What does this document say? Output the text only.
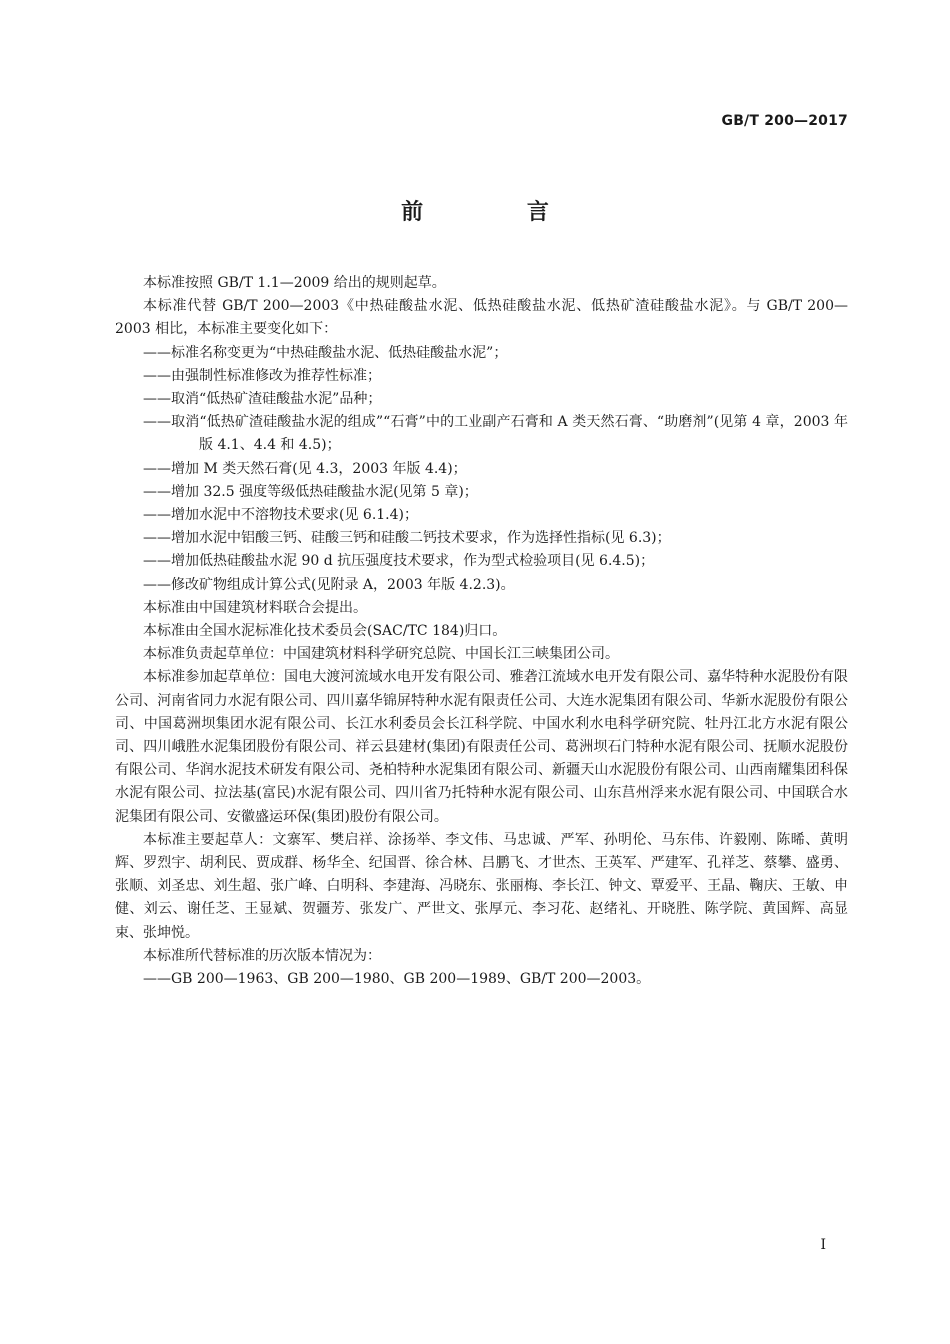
GB/T 200—2017
前 言

本标准按照 GB/T 1.1—2009 给出的规则起草。

本标准代替 GB/T 200—2003《中热硅酸盐水泥、低热硅酸盐水泥、低热矿渣硅酸盐水泥》。与 GB/T 200—2003 相比，本标准主要变化如下：

——标准名称变更为“中热硅酸盐水泥、低热硅酸盐水泥”；

——由强制性标准修改为推荐性标准；

——取消“低热矿渣硅酸盐水泥”品种；

——取消“低热矿渣硅酸盐水泥的组成”“石膏”中的工业副产石膏和 A 类天然石膏、“助磨剂”(见第 4 章，2003 年版 4.1、4.4 和 4.5)；

——增加 M 类天然石膏(见 4.3，2003 年版 4.4)；

——增加 32.5 强度等级低热硅酸盐水泥(见第 5 章)；

——增加水泥中不溶物技术要求(见 6.1.4)；

——增加水泥中铝酸三钙、硅酸三钙和硅酸二钙技术要求，作为选择性指标(见 6.3)；

——增加低热硅酸盐水泥 90 d 抗压强度技术要求，作为型式检验项目(见 6.4.5)；

——修改矿物组成计算公式(见附录 A，2003 年版 4.2.3)。

本标准由中国建筑材料联合会提出。

本标准由全国水泥标准化技术委员会(SAC/TC 184)归口。

本标准负责起草单位：中国建筑材料科学研究总院、中国长江三峡集团公司。

本标准参加起草单位：国电大渡河流域水电开发有限公司、雅砻江流域水电开发有限公司、嘉华特种水泥股份有限公司、河南省同力水泥有限公司、四川嘉华锦屏特种水泥有限责任公司、大连水泥集团有限公司、华新水泥股份有限公司、中国葛洲坝集团水泥有限公司、长江水利委员会长江科学院、中国水利水电科学研究院、牡丹江北方水泥有限公司、四川峨胜水泥集团股份有限公司、祥云县建材(集团)有限责任公司、葛洲坝石门特种水泥有限公司、抚顺水泥股份有限公司、华润水泥技术研发有限公司、尧柏特种水泥集团有限公司、新疆天山水泥股份有限公司、山西南耀集团科保水泥有限公司、拉法基(富民)水泥有限公司、四川省乃托特种水泥有限公司、山东莒州浮来水泥有限公司、中国联合水泥集团有限公司、安徽盛运环保(集团)股份有限公司。

本标准主要起草人：文寨军、樊启祥、涂扬举、李文伟、马忠诚、严军、孙明伦、马东伟、许毅刚、陈晞、黄明辉、罗烈宇、胡利民、贾成群、杨华全、纪国晋、徐合林、吕鹏飞、才世杰、王英军、严建军、孔祥芝、蔡攀、盛勇、张顺、刘圣忠、刘生超、张广峰、白明科、李建海、冯晓东、张丽梅、李长江、钟文、覃爱平、王晶、鞠庆、王敏、申健、刘云、谢任芝、王显斌、贺疆芳、张发广、严世文、张厚元、李习花、赵绪礼、开晓胜、陈学院、黄国辉、高显束、张坤悦。

本标准所代替标准的历次版本情况为：

——GB 200—1963、GB 200—1980、GB 200—1989、GB/T 200—2003。

I
